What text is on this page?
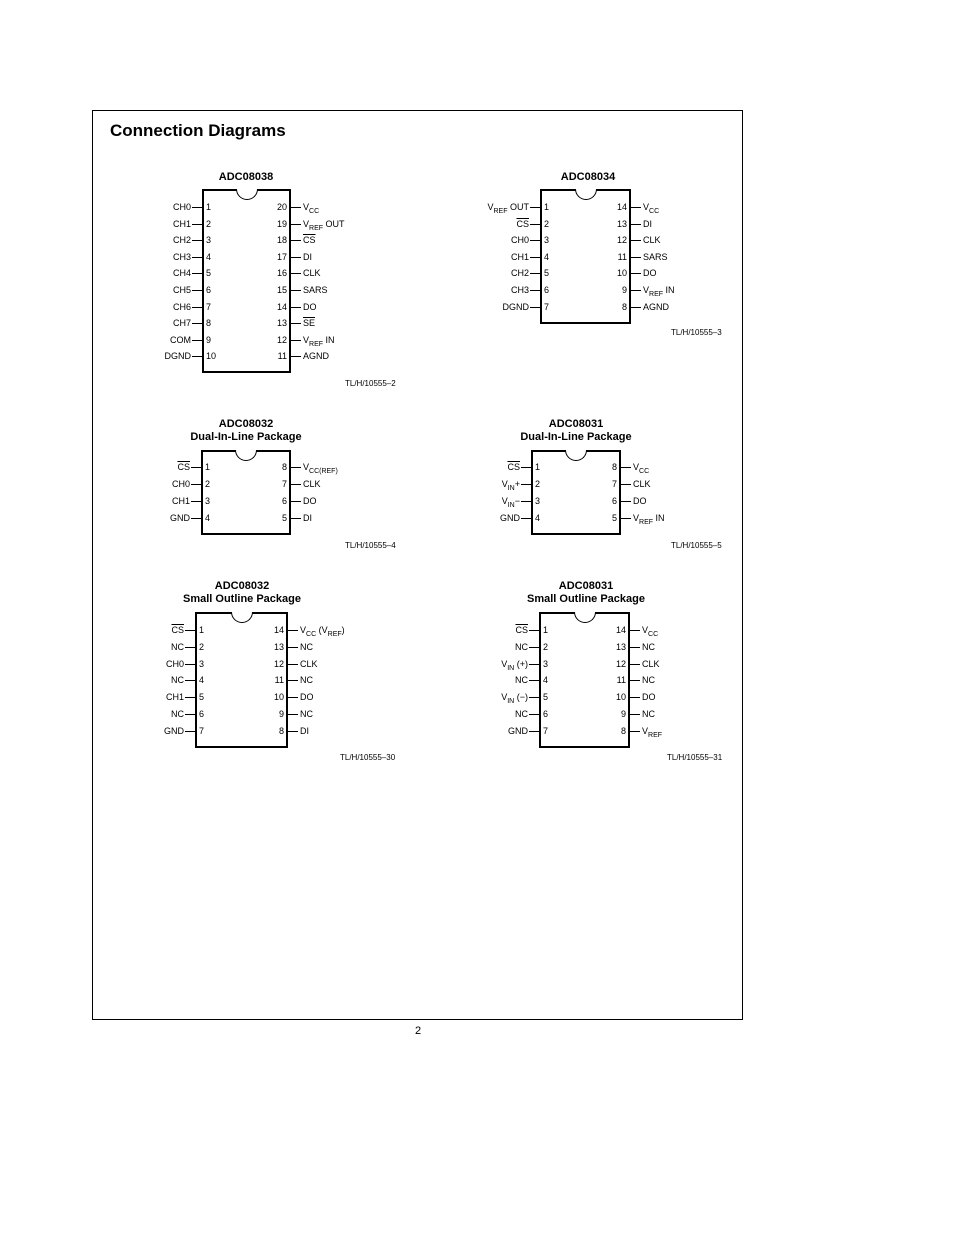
Connection Diagrams
ADC08038
1
CH0
2
CH1
3
CH2
4
CH3
5
CH4
6
CH5
7
CH6
8
CH7
9
COM
10
DGND
20 $V_{CC}$
19 $V_{REF}$ OUT
18 $\overline{CS}$
17 DI
16 CLK
15 SARS
14 DO
13 $\overline{SE}$
12 $V_{REF}$ IN
11 AGND
TL/H/10555–2
ADC08034
1
$V_{REF}$ OUT
2
$\overline{CS}$
3
CH0
4
CH1
5
CH2
6
CH3
7
DGND
14 $V_{CC}$
13 DI
12 CLK
11 SARS
10 DO
9 $V_{REF}$ IN
8 AGND
TL/H/10555–3
ADC08032
Dual-In-Line Package
1
$\overline{CS}$
2
CH0
3
CH1
4
GND
8 $V_{CC(REF)}$
7 CLK
6 DO
5 DI
TL/H/10555–4
ADC08031
Dual-In-Line Package
1
$\overline{CS}$
2
$V_{IN}+$
3
$V_{IN}-$
4
GND
8 $V_{CC}$
7 CLK
6 DO
5 $V_{REF}$ IN
TL/H/10555–5
ADC08032
Small Outline Package
1
$\overline{CS}$
2
NC
3
CH0
4
NC
5
CH1
6
NC
7
GND
14 $V_{CC}$ $(V_{REF})$
13 NC
12 CLK
11 NC
10 DO
9 NC
8 DI
TL/H/10555–30
ADC08031
Small Outline Package
1
$\overline{CS}$
2
NC
3
$V_{IN}$ (+)
4
NC
5
$V_{IN}$ (−)
6
NC
7
GND
14 $V_{CC}$
13 NC
12 CLK
11 NC
10 DO
9 NC
8 $V_{REF}$
TL/H/10555–31
2
